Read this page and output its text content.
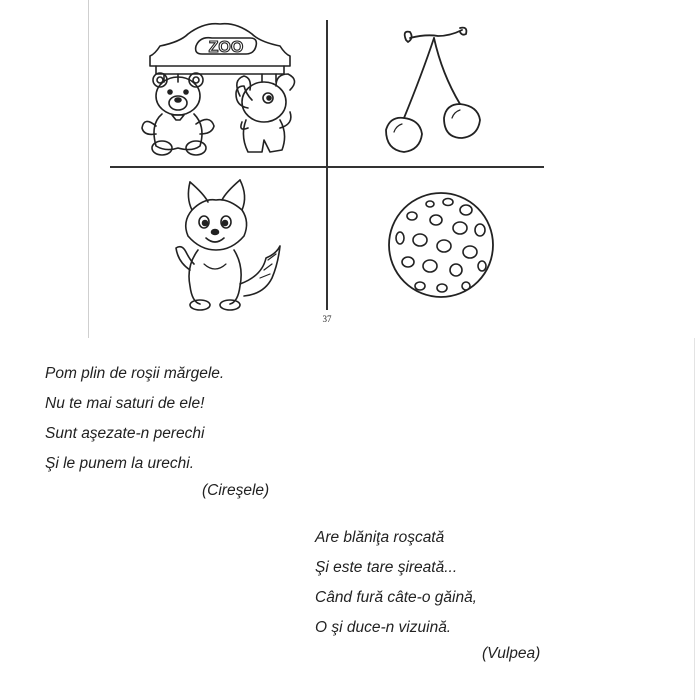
ZOO
37
Pom plin de roşii mărgele.
Nu te mai saturi de ele!
Sunt aşezate-n perechi
Şi le punem la urechi.
(Cireşele)
Are blăniţa roşcată
Şi este tare şireată...
Când fură câte-o găină,
O şi duce-n vizuină.
(Vulpea)
